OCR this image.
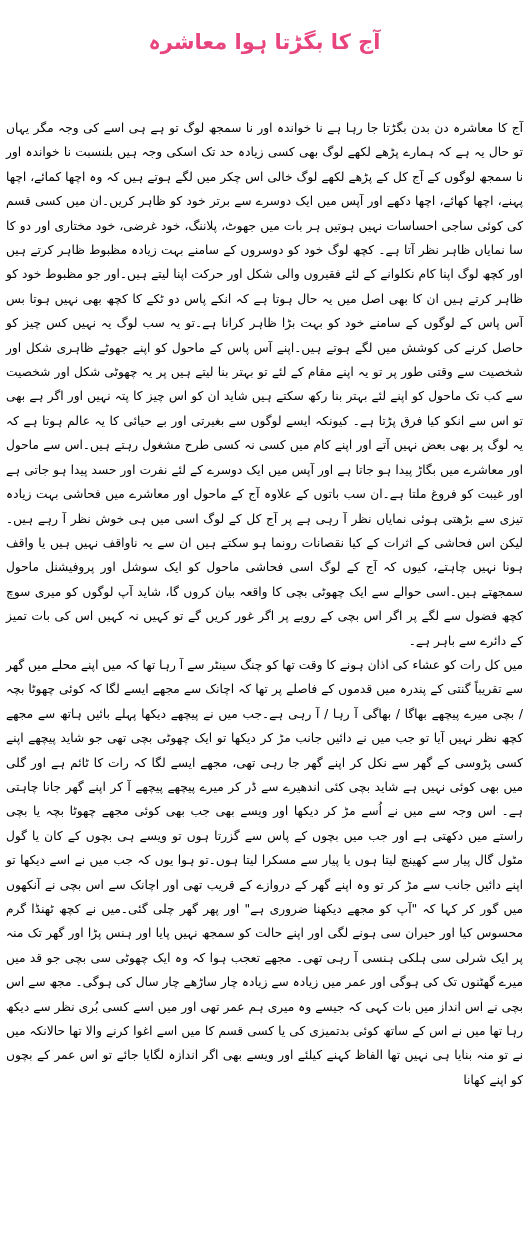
آج کا بگڑتا ہوا معاشرہ

آج کا معاشرہ دن بدن بگڑتا جا رہا ہے نا خواندہ اور نا سمجھ لوگ تو ہے ہی اسے کی وجہ مگر یہاں تو حال یہ ہے کہ ہمارے پڑھے لکھے لوگ بھی کسی زیادہ حد تک اسکی وجہ ہیں بلنسبت نا خواندہ اور نا سمجھ لوگوں کے آج کل کے پڑھے لکھے لوگ خالی اس چکر میں لگے ہوتے ہیں کہ وہ اچھا کمائے، اچھا پہنے، اچھا کھائے، اچھا دکھے اور آپس میں ایک دوسرے سے برتر خود کو ظاہر کریں۔ان میں کسی قسم کی کوئی ساجی احساسات نہیں ہوتیں ہر بات میں جھوٹ، پلاننگ، خود غرضی، خود مختاری اور دو کا سا نمایاں ظاہر نظر آتا ہے۔ کچھ لوگ خود کو دوسروں کے سامنے بہت زیادہ مظبوط ظاہر کرتے ہیں اور کچھ لوگ اپنا کام نکلوانے کے لئے فقیروں والی شکل اور حرکت اپنا لیتے ہیں۔اور جو مظبوط خود کو ظاہر کرتے ہیں ان کا بھی اصل میں یہ حال ہوتا ہے کہ انکے پاس دو ٹکے کا کچھ بھی نہیں ہوتا بس آس پاس کے لوگوں کے سامنے خود کو بہت بڑا ظاہر کرانا ہے۔تو یہ سب لوگ یہ نہیں کس چیز کو حاصل کرنے کی کوشش میں لگے ہوتے ہیں۔اپنے آس پاس کے ماحول کو اپنے جھوٹے ظاہری شکل اور شخصیت سے وقتی طور پر تو یہ اپنے مقام کے لئے تو بہتر بنا لیتے ہیں پر یہ چھوٹی شکل اور شخصیت سے کب تک ماحول کو اپنے لئے بہتر بنا رکھ سکتے ہیں شاید ان کو اس چیز کا پتہ نہیں اور اگر ہے بھی تو اس سے انکو کیا فرق پڑتا ہے۔ کیونکہ ایسے لوگوں سے بغیرتی اور بے حیائی کا یہ عالم ہوتا ہے کہ یہ لوگ پر بھی بعض نہیں آتے اور اپنے کام میں کسی نہ کسی طرح مشغول رہتے ہیں۔اس سے ماحول اور معاشرے میں بگاڑ پیدا ہو جاتا ہے اور آپس میں ایک دوسرے کے لئے نفرت اور حسد پیدا ہو جاتی ہے اور غیبت کو فروغ ملتا ہے۔ان سب باتوں کے علاوہ آج کے ماحول اور معاشرے میں فحاشی بہت زیادہ تیزی سے بڑھتی ہوئی نمایاں نظر آ رہی ہے پر آج کل کے لوگ اسی میں ہی خوش نظر آ رہے ہیں۔لیکن اس فحاشی کے اثرات کے کیا نقصانات رونما ہو سکتے ہیں ان سے یہ ناواقف نہیں ہیں یا واقف ہونا نہیں چاہتے، کیوں کہ آج کے لوگ اسی فحاشی ماحول کو ایک سوشل اور پروفیشنل ماحول سمجھتے ہیں۔اسی حوالے سے ایک چھوٹی بچی کا واقعہ بیان کروں گا، شاید آپ لوگوں کو میری سوچ کچھ فضول سے لگے پر اگر اس بچی کے رویے پر اگر غور کریں گے تو کہیں نہ کہیں اس کی بات تمیز کے دائرے سے باہر ہے۔

میں کل رات کو عشاء کی اذان ہونے کا وقت تھا کو چنگ سینٹر سے آ رہا تھا کہ میں اپنے محلے میں گھر سے تقریباً گنتی کے پندرہ میں قدموں کے فاصلے پر تھا کہ اچانک سے مجھے ایسے لگا کہ کوئی چھوٹا بچہ / بچی میرے پیچھے بھاگا / بھاگی آ رہا / آ رہی ہے۔جب میں نے پیچھے دیکھا پہلے بائیں ہاتھ سے مجھے کچھ نظر نہیں آیا تو جب میں نے دائیں جانب مڑ کر دیکھا تو ایک چھوٹی بچی تھی جو شاید پیچھے اپنے کسی پڑوسی کے گھر سے نکل کر اپنے گھر جا رہی تھی، مجھے ایسے لگا کہ رات کا ٹائم ہے اور گلی میں بھی کوئی نہیں ہے شاید بچی کئی اندھیرے سے ڈر کر میرے پیچھے پیچھے آ کر اپنے گھر جانا چاہتی ہے۔ اس وجہ سے میں نے اُسے مڑ کر دیکھا اور ویسے بھی جب بھی کوئی مجھے چھوٹا بچہ یا بچی راستے میں دکھتی ہے اور جب میں بچوں کے پاس سے گزرتا ہوں تو ویسے ہی بچوں کے کان یا گول مٹول گال پیار سے کھینچ لیتا ہوں یا پیار سے مسکرا لیتا ہوں۔تو ہوا یوں کہ جب میں نے اسے دیکھا تو اپنے دائیں جانب سے مڑ کر تو وہ اپنے گھر کے دروازے کے قریب تھی اور اچانک سے اس بچی نے آنکھوں میں گور کر کہا کہ "آپ کو مجھے دیکھنا ضروری ہے" اور پھر گھر چلی گئی۔میں نے کچھ ٹھنڈا گرم محسوس کیا اور حیران سی ہونے لگی اور اپنے حالت کو سمجھ نہیں پایا اور ہنس پڑا اور گھر تک منہ پر ایک شرلی سی ہلکی ہنسی آ رہی تھی۔ مجھے تعجب ہوا کہ وہ ایک چھوٹی سی بچی جو قد میں میرے گھٹنوں تک کی ہوگی اور عمر میں زیادہ سے زیادہ چار ساڑھے چار سال کی ہوگی۔ مجھ سے اس بچی نے اس انداز میں بات کہی کہ جیسے وہ میری ہم عمر تھی اور میں اسے کسی بُری نظر سے دیکھ رہا تھا میں نے اس کے ساتھ کوئی بدتمیزی کی یا کسی قسم کا میں اسے اغوا کرنے والا تھا حالانکہ میں نے تو منہ بنایا ہی نہیں تھا الفاظ کہنے کیلئے اور ویسے بھی اگر اندازہ لگایا جائے تو اس عمر کے بچوں کو اپنے کھانا
